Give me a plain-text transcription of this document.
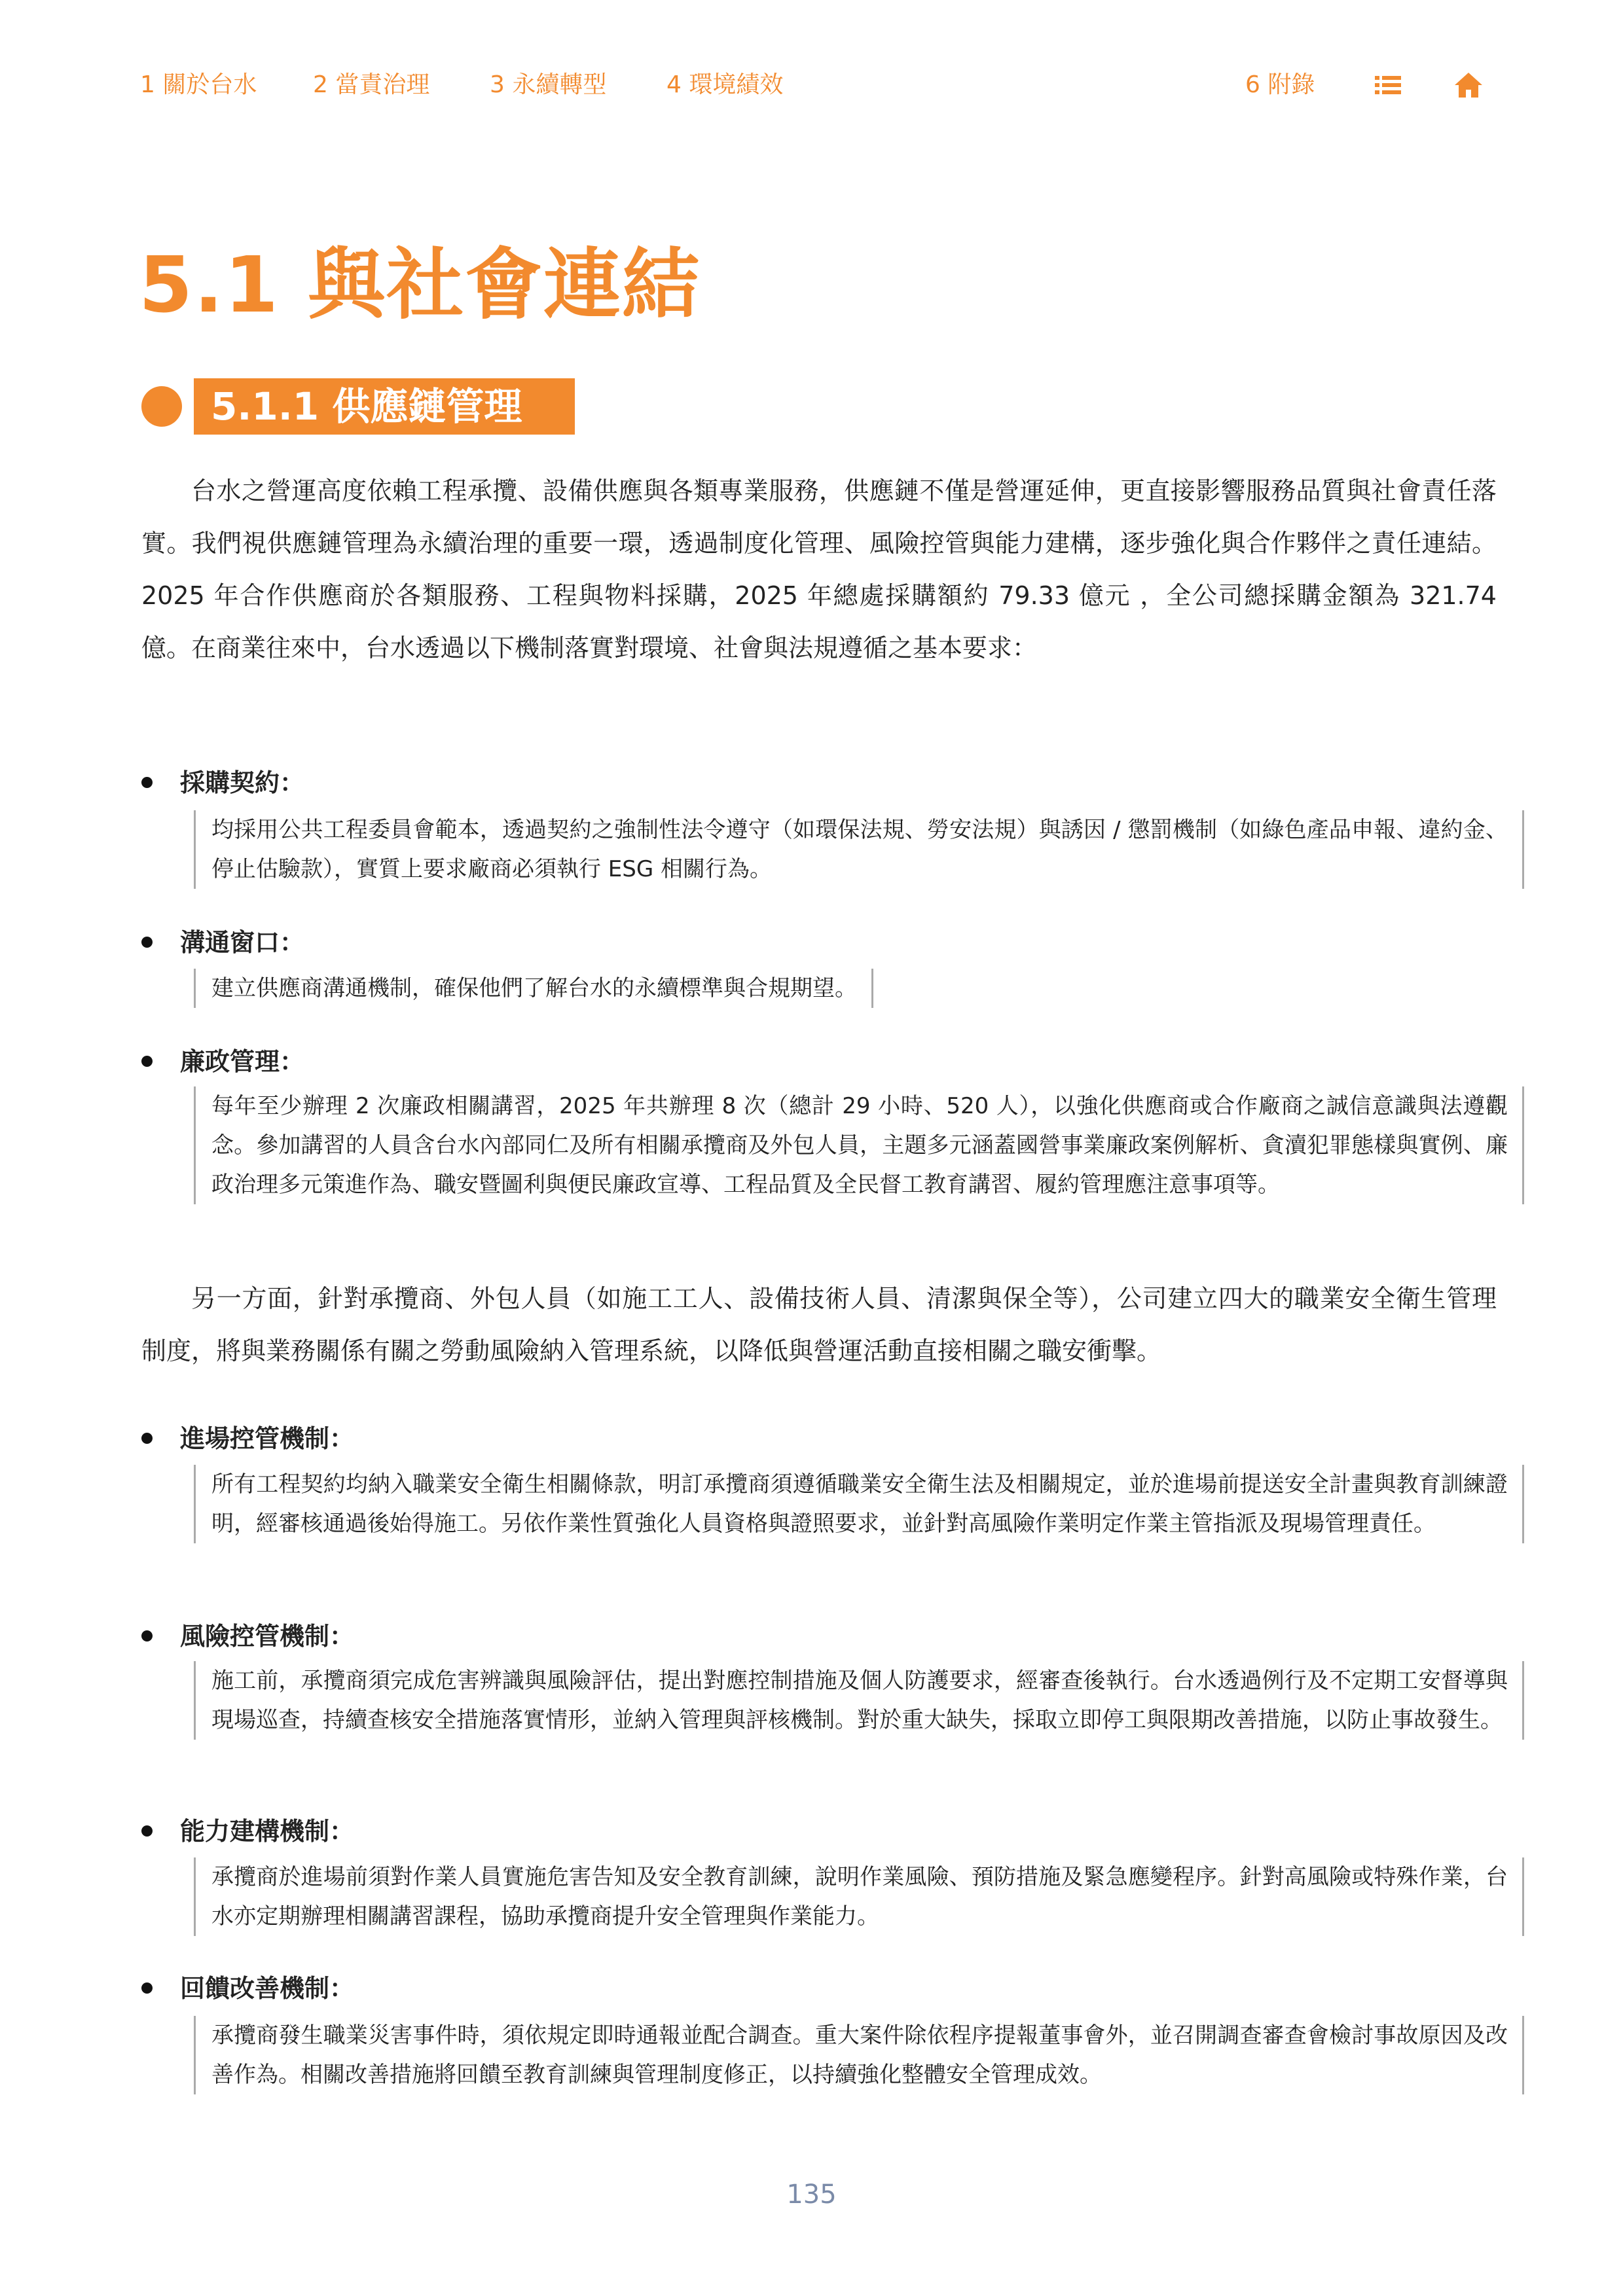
1 關於台水 2 當責治理	3 永續轉型	4 環境績效	6 附錄
5.1 與社會連結
5.1.1 供應鏈管理

台水之營運高度依賴工程承攬、設備供應與各類專業服務，供應鏈不僅是營運延伸，更直接影響服務品質與社會責任落實。我們視供應鏈管理為永續治理的重要一環，透過制度化管理、風險控管與能力建構，逐步強化與合作夥伴之責任連結。2025 年合作供應商於各類服務、工程與物料採購，2025 年總處採購額約 79.33 億元 ，全公司總採購金額為 321.74 億。在商業往來中，台水透過以下機制落實對環境、社會與法規遵循之基本要求：

採購契約：

均採用公共工程委員會範本，透過契約之強制性法令遵守（如環保法規、勞安法規）與誘因 / 懲罰機制（如綠色產品申報、違約金、停止估驗款），實質上要求廠商必須執行 ESG 相關行為。

溝通窗口：

建立供應商溝通機制，確保他們了解台水的永續標準與合規期望。

廉政管理：

每年至少辦理 2 次廉政相關講習，2025 年共辦理 8 次（總計 29 小時、520 人），以強化供應商或合作廠商之誠信意識與法遵觀念。參加講習的人員含台水內部同仁及所有相關承攬商及外包人員，主題多元涵蓋國營事業廉政案例解析、貪瀆犯罪態樣與實例、廉政治理多元策進作為、職安暨圖利與便民廉政宣導、工程品質及全民督工教育講習、履約管理應注意事項等。

另一方面，針對承攬商、外包人員（如施工工人、設備技術人員、清潔與保全等），公司建立四大的職業安全衛生管理制度，將與業務關係有關之勞動風險納入管理系統，以降低與營運活動直接相關之職安衝擊。

進場控管機制：

所有工程契約均納入職業安全衛生相關條款，明訂承攬商須遵循職業安全衛生法及相關規定，並於進場前提送安全計畫與教育訓練證明，經審核通過後始得施工。另依作業性質強化人員資格與證照要求，並針對高風險作業明定作業主管指派及現場管理責任。

風險控管機制：

施工前，承攬商須完成危害辨識與風險評估，提出對應控制措施及個人防護要求，經審查後執行。台水透過例行及不定期工安督導與現場巡查，持續查核安全措施落實情形，並納入管理與評核機制。對於重大缺失，採取立即停工與限期改善措施，以防止事故發生。

能力建構機制：

承攬商於進場前須對作業人員實施危害告知及安全教育訓練，說明作業風險、預防措施及緊急應變程序。針對高風險或特殊作業，台水亦定期辦理相關講習課程，協助承攬商提升安全管理與作業能力。

回饋改善機制：

承攬商發生職業災害事件時，須依規定即時通報並配合調查。重大案件除依程序提報董事會外，並召開調查審查會檢討事故原因及改善作為。相關改善措施將回饋至教育訓練與管理制度修正，以持續強化整體安全管理成效。

135
